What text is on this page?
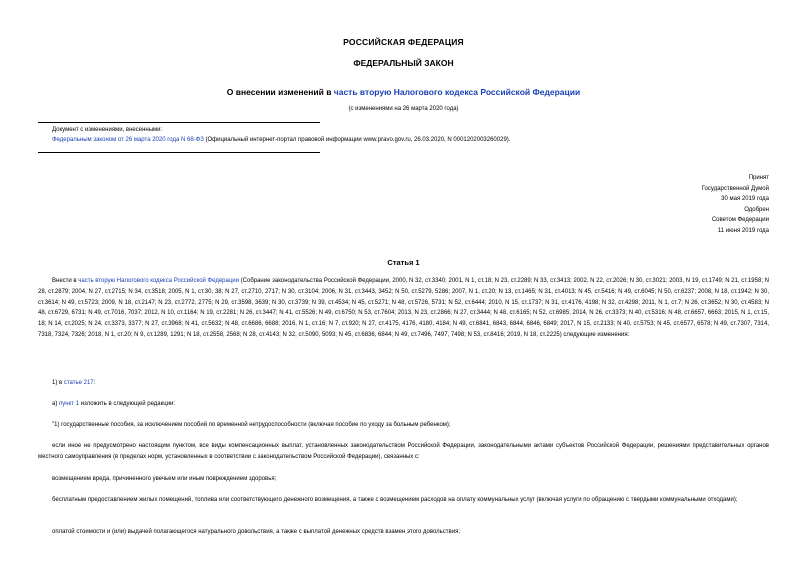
РОССИЙСКАЯ ФЕДЕРАЦИЯ
ФЕДЕРАЛЬНЫЙ ЗАКОН
О внесении изменений в часть вторую Налогового кодекса Российской Федерации
(с изменениями на 26 марта 2020 года)
Документ с изменениями, внесенными:
Федеральным законом от 26 марта 2020 года N 68-ФЗ (Официальный интернет-портал правовой информации www.pravo.gov.ru, 26.03.2020, N 0001202003260029).
Принят
Государственной Думой
30 мая 2019 года
Одобрен
Советом Федерации
11 июня 2019 года
Статья 1
Внести в часть вторую Налогового кодекса Российской Федерации (Собрание законодательства Российской Федерации, 2000, N 32, ст.3340; 2001, N 1, ст.18; N 23, ст.2289; N 33, ст.3413; 2002, N 22, ст.2026; N 30, ст.3021; 2003, N 19, ст.1749; N 21, ст.1958; N 28, ст.2879; 2004, N 27, ст.2715; N 34, ст.3518; 2005, N 1, ст.30, 38; N 27, ст.2710, 2717; N 30, ст.3104; 2006, N 31, ст.3443, 3452; N 50, ст.5279, 5286; 2007, N 1, ст.20; N 13, ст.1465; N 31, ст.4013; N 45, ст.5416; N 49, ст.6045; N 50, ст.6237; 2008, N 18, ст.1942; N 30, ст.3614; N 49, ст.5723; 2009, N 18, ст.2147; N 23, ст.2772, 2775; N 29, ст.3598, 3639; N 30, ст.3739; N 39, ст.4534; N 45, ст.5271; N 48, ст.5726, 5731; N 52, ст.6444; 2010, N 15, ст.1737; N 31, ст.4176, 4198; N 32, ст.4298; 2011, N 1, ст.7; N 26, ст.3652; N 30, ст.4583; N 48, ст.6729, 6731; N 49, ст.7016, 7037; 2012, N 10, ст.1164; N 19, ст.2281; N 26, ст.3447; N 41, ст.5526; N 49, ст.6750; N 53, ст.7604; 2013, N 23, ст.2866; N 27, ст.3444; N 48, ст.6165; N 52, ст.6985; 2014, N 26, ст.3373; N 40, ст.5316; N 48, ст.6657, 6663; 2015, N 1, ст.15, 18; N 14, ст.2025; N 24, ст.3373, 3377; N 27, ст.3968; N 41, ст.5632; N 48, ст.6686, 6688; 2016, N 1, ст.16; N 7, ст.920; N 27, ст.4175, 4176, 4180, 4184; N 49, ст.6841, 6843, 6844, 6846, 6849; 2017, N 15, ст.2133; N 40, ст.5753; N 45, ст.6577, 6578; N 49, ст.7307, 7314, 7318, 7324, 7326; 2018, N 1, ст.20; N 9, ст.1289, 1291; N 18, ст.2558, 2568; N 28, ст.4143; N 32, ст.5090, 5093; N 45, ст.6836, 6844; N 49, ст.7496, 7497, 7498; N 53, ст.8416; 2019, N 18, ст.2225) следующие изменения:
1) в статье 217:
а) пункт 1 изложить в следующей редакции:
"1) государственные пособия, за исключением пособий по временной нетрудоспособности (включая пособие по уходу за больным ребенком);
если иное не предусмотрено настоящим пунктом, все виды компенсационных выплат, установленных законодательством Российской Федерации, законодательными актами субъектов Российской Федерации, решениями представительных органов местного самоуправления (в пределах норм, установленных в соответствии с законодательством Российской Федерации), связанных с:
возмещением вреда, причиненного увечьем или иным повреждением здоровья;
бесплатным предоставлением жилых помещений, топлива или соответствующего денежного возмещения, а также с возмещением расходов на оплату коммунальных услуг (включая услуги по обращению с твердыми коммунальными отходами);
оплатой стоимости и (или) выдачей полагающегося натурального довольствия, а также с выплатой денежных средств взамен этого довольствия;
